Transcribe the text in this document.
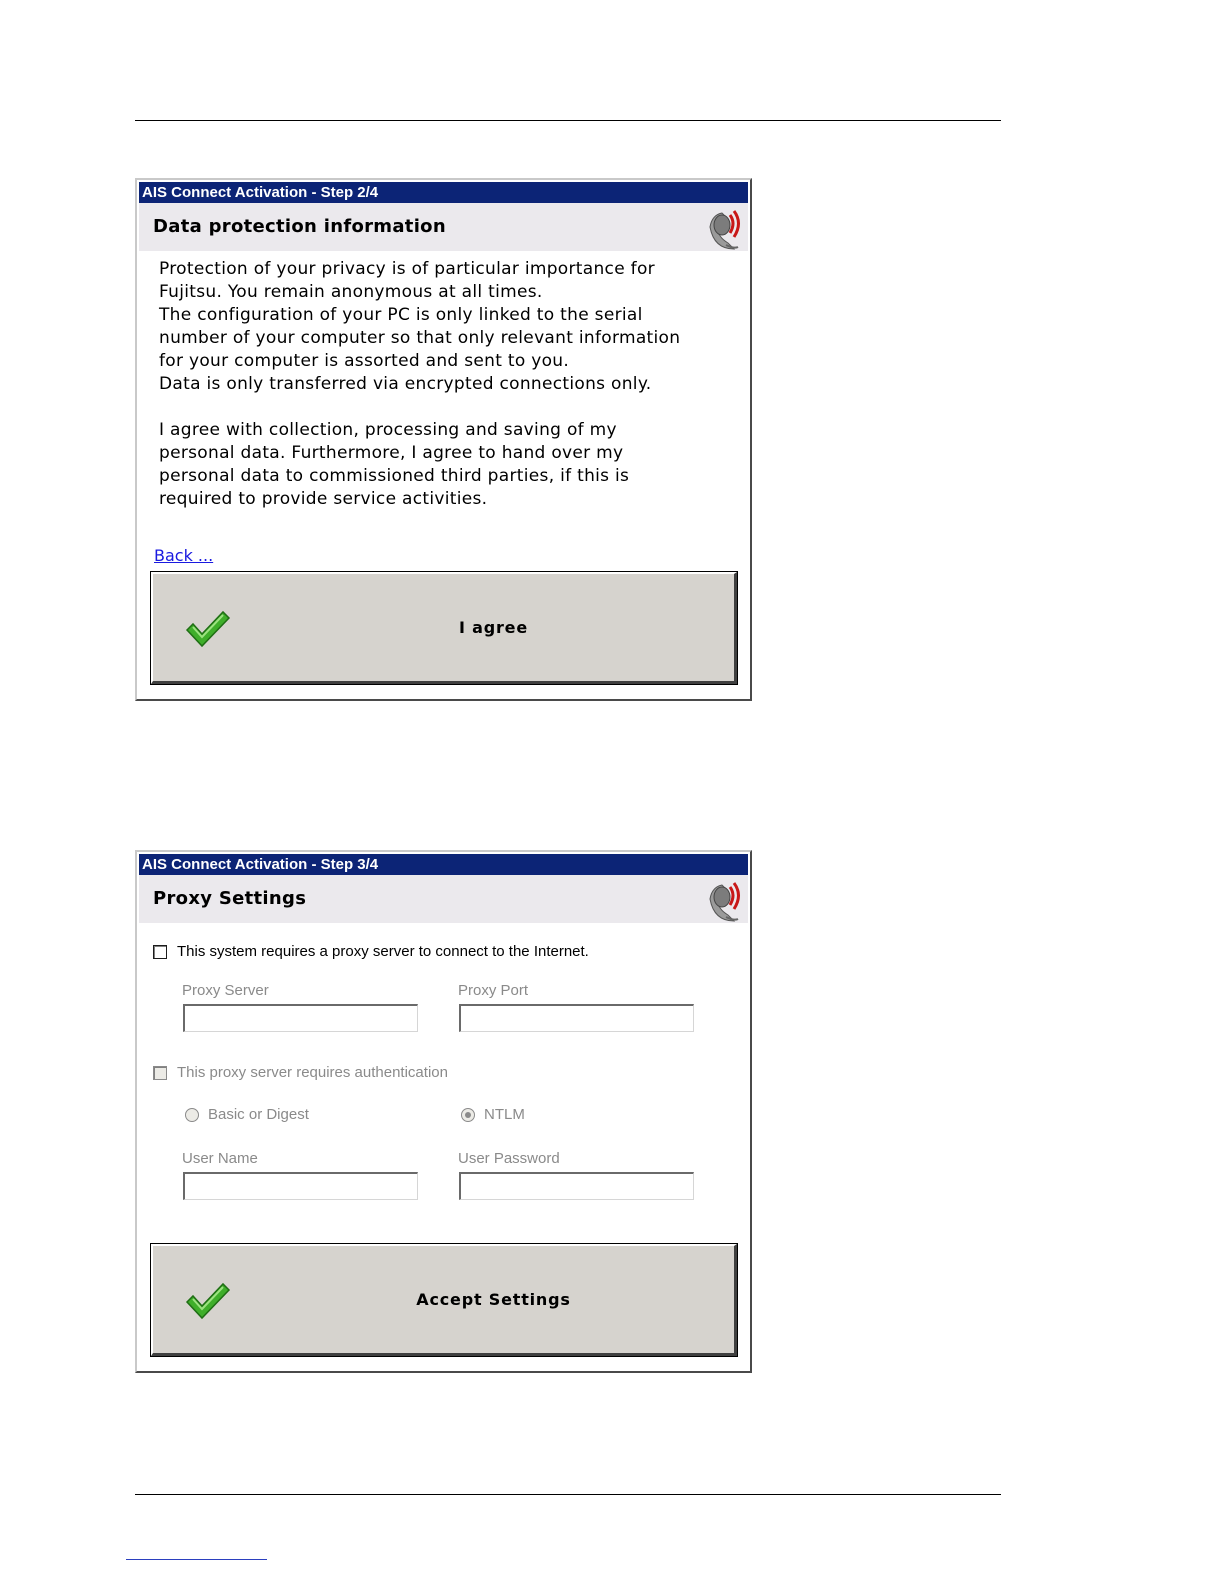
AIS Connect Activation - Step 2/4
Data protection information

Protection of your privacy is of particular importance for

Fujitsu. You remain anonymous at all times.

The configuration of your PC is only linked to the serial

number of your computer so that only relevant information

for your computer is assorted and sent to you.

Data is only transferred via encrypted connections only.

I agree with collection, processing and saving of my

personal data. Furthermore, I agree to hand over my

personal data to commissioned third parties, if this is

required to provide service activities.

Back ...
I agree
AIS Connect Activation - Step 3/4
Proxy Settings
This system requires a proxy server to connect to the Internet.
Proxy Server	Proxy Port
This proxy server requires authentication
Basic or Digest	NTLM
User Name	User Password
Accept Settings
